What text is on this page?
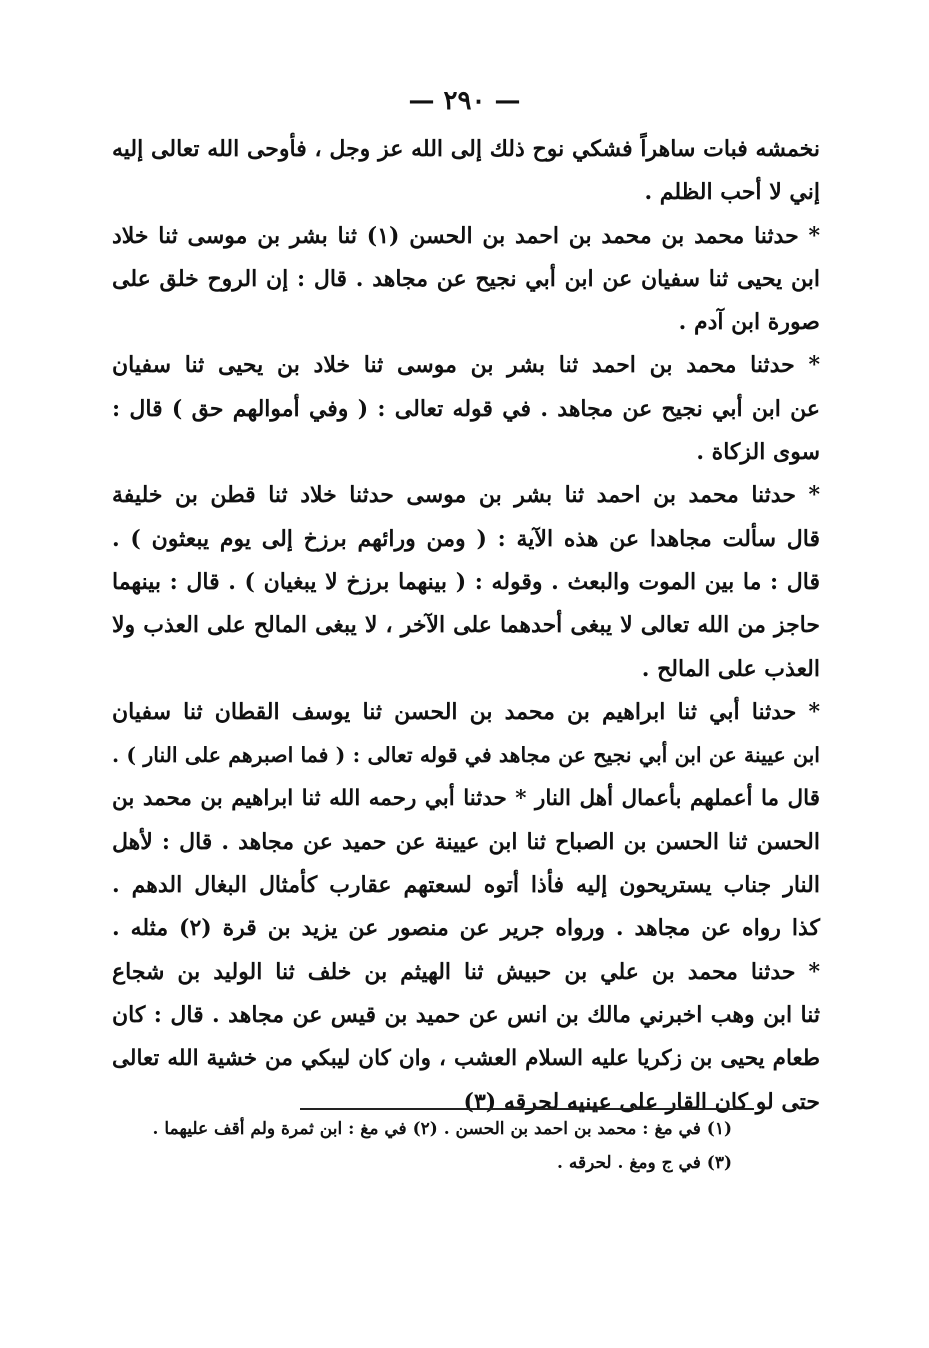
— ٢٩٠ —
نخمشه فبات ساهراً فشكي نوح ذلك إلى الله عز وجل ، فأوحى الله تعالى إليه
إني لا أحب الظلم .
* حدثنا محمد بن محمد بن احمد بن الحسن (١) ثنا بشر بن موسى ثنا خلاد
ابن يحيى ثنا سفيان عن ابن أبي نجيح عن مجاهد . قال : إن الروح خلق على
صورة ابن آدم .
* حدثنا محمد بن احمد ثنا بشر بن موسى ثنا خلاد بن يحيى ثنا سفيان
عن ابن أبي نجيح عن مجاهد . في قوله تعالى : ( وفي أموالهم حق ) قال :
سوى الزكاة .
* حدثنا محمد بن احمد ثنا بشر بن موسى حدثنا خلاد ثنا قطن بن خليفة
قال سألت مجاهدا عن هذه الآية : ( ومن ورائهم برزخ إلى يوم يبعثون ) .
قال : ما بين الموت والبعث . وقوله : ( بينهما برزخ لا يبغيان ) . قال : بينهما
حاجز من الله تعالى لا يبغى أحدهما على الآخر ، لا يبغى المالح على العذب ولا
العذب على المالح .
* حدثنا أبي ثنا ابراهيم بن محمد بن الحسن ثنا يوسف القطان ثنا سفيان
ابن عيينة عن ابن أبي نجيح عن مجاهد في قوله تعالى : ( فما اصبرهم على النار ) .
قال ما أعملهم بأعمال أهل النار * حدثنا أبي رحمه الله ثنا ابراهيم بن محمد بن
الحسن ثنا الحسن بن الصباح ثنا ابن عيينة عن حميد عن مجاهد . قال : لأهل
النار جناب يستريحون إليه فأذا أتوه لسعتهم عقارب كأمثال البغال الدهم .
كذا رواه عن مجاهد . ورواه جرير عن منصور عن يزيد بن قرة (٢) مثله .
* حدثنا محمد بن علي بن حبيش ثنا الهيثم بن خلف ثنا الوليد بن شجاع
ثنا ابن وهب اخبرني مالك بن انس عن حميد بن قيس عن مجاهد . قال : كان
طعام يحيى بن زكريا عليه السلام العشب ، وان كان ليبكي من خشية الله تعالى
حتى لو كان القار على عينيه لحرقه (٣)
(١) في مغ : محمد بن احمد بن الحسن . (٢) في مغ : ابن ثمرة ولم أقف عليهما .
(٣) في ج ومغ . لحرقه .
